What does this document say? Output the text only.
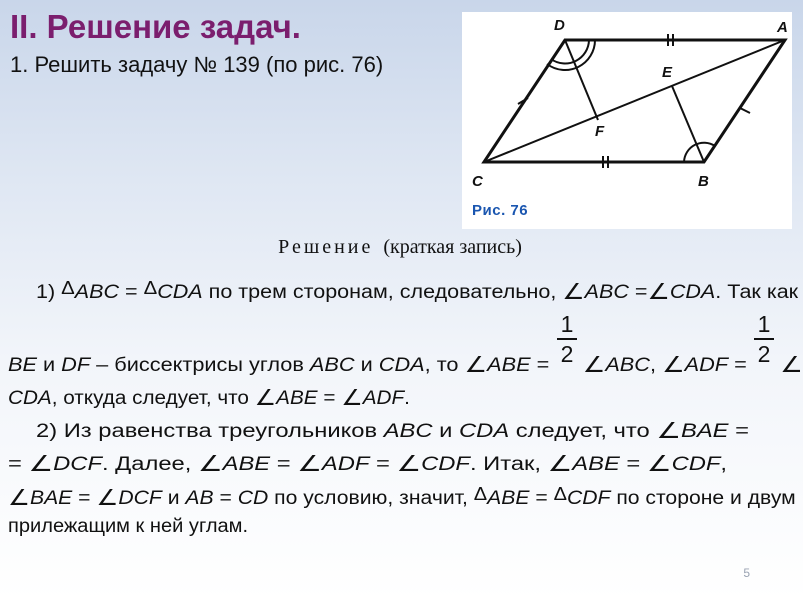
II. Решение задач.
1. Решить задачу № 139 (по рис. 76)
D	A
C	B
E
F
Рис. 76
Решение (краткая запись)
1) ΔABC = ΔCDA по трем сторонам, следовательно, ∠ABC =∠CDA. Так как
BE и DF – биссектрисы углов ABC и CDA, то ∠ABE = ∠ABC, ∠ADF = ∠
CDA, откуда следует, что ∠ABE = ∠ADF.
2) Из равенства треугольников ABC и CDA следует, что ∠BAE =
= ∠DCF. Далее, ∠ABE = ∠ADF = ∠CDF. Итак, ∠ABE = ∠CDF,
∠BAE = ∠DCF и AB = CD по условию, значит, ΔABE = ΔCDF по стороне и двум
прилежащим к ней углам.
1
2
1
2
5
